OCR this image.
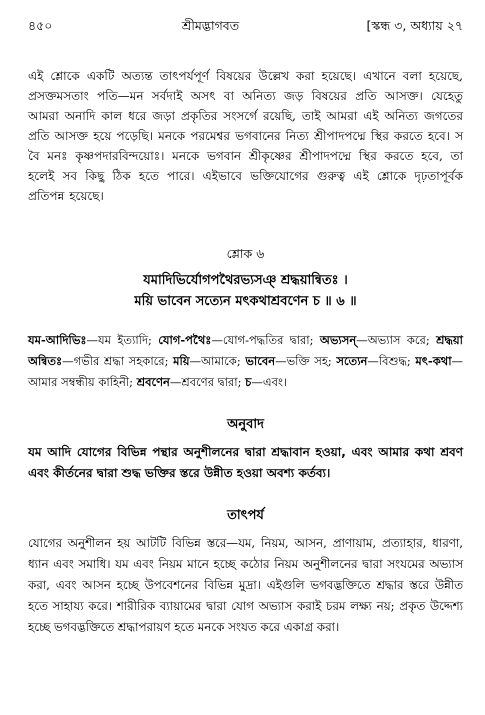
৪৫০	শ্রীমদ্ভাগবত	[স্কন্ধ ৩, অধ্যায় ২৭

এই শ্লোকে একটি অত্যন্ত তাৎপর্যপূর্ণ বিষয়ের উল্লেখ করা হয়েছে। এখানে বলা হয়েছে, প্রসক্তমসতাং পতি—মন সর্বদাই অসৎ বা অনিত্য জড় বিষয়ের প্রতি আসক্ত। যেহেতু আমরা অনাদি কাল ধরে জড়া প্রকৃতির সংসর্গে রয়েছি, তাই আমরা এই অনিত্য জগতের প্রতি আসক্ত হয়ে পড়েছি। মনকে পরমেশ্বর ভগবানের নিত্য শ্রীপাদপদ্মে স্থির করতে হবে। স বৈ মনঃ কৃষ্ণপদারবিন্দয়োঃ। মনকে ভগবান শ্রীকৃষ্ণের শ্রীপাদপদ্মে স্থির করতে হবে, তা হলেই সব কিছু ঠিক হতে পারে। এইভাবে ভক্তিযোগের গুরুত্ব এই শ্লোকে দৃঢ়তাপূর্বক প্রতিপন্ন হয়েছে।

শ্লোক ৬
যমাদিভির্যোগপথৈরভ্যসঞ্ শ্রদ্ধয়ান্বিতঃ ।
ময়ি ভাবেন সত্যেন মৎকথাশ্রবণেন চ ॥ ৬ ॥
যম-আদিভিঃ—যম ইত্যাদি; যোগ-পথৈঃ—যোগ-পদ্ধতির দ্বারা; অভ্যসন্—অভ্যাস করে; শ্রদ্ধয়া অন্বিতঃ—গভীর শ্রদ্ধা সহকারে; ময়ি—আমাকে; ভাবেন—ভক্তি সহ; সত্যেন—বিশুদ্ধ; মৎ-কথা—আমার সম্বন্ধীয় কাহিনী; শ্রবণেন—শ্রবণের দ্বারা; চ—এবং।
অনুবাদ

যম আদি যোগের বিভিন্ন পন্থার অনুশীলনের দ্বারা শ্রদ্ধাবান হওয়া, এবং আমার কথা শ্রবণ এবং কীর্তনের দ্বারা শুদ্ধ ভক্তির স্তরে উন্নীত হওয়া অবশ্য কর্তব্য।

তাৎপর্য

যোগের অনুশীলন হয় আটটি বিভিন্ন স্তরে—যম, নিয়ম, আসন, প্রাণায়াম, প্রত্যাহার, ধারণা, ধ্যান এবং সমাধি। যম এবং নিয়ম মানে হচ্ছে কঠোর নিয়ম অনুশীলনের দ্বারা সংযমের অভ্যাস করা, এবং আসন হচ্ছে উপবেশনের বিভিন্ন মুদ্রা। এইগুলি ভগবদ্ভক্তিতে শ্রদ্ধার স্তরে উন্নীত হতে সাহায্য করে। শারীরিক ব্যায়ামের দ্বারা যোগ অভ্যাস করাই চরম লক্ষ্য নয়; প্রকৃত উদ্দেশ্য হচ্ছে ভগবদ্ভক্তিতে শ্রদ্ধাপরায়ণ হতে মনকে সংযত করে একাগ্র করা।
